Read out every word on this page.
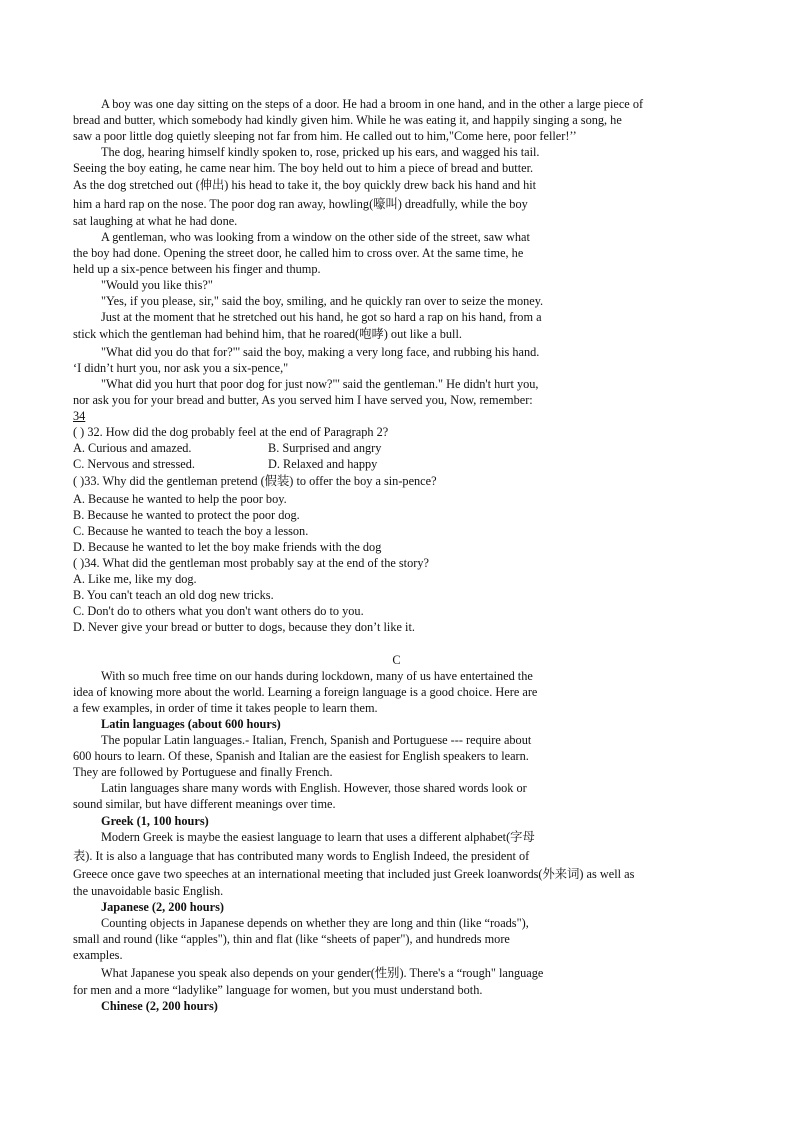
A boy was one day sitting on the steps of a door. He had a broom in one hand, and in the other a large piece of
bread and butter, which somebody had kindly given him. While he was eating it, and happily singing a song, he
saw a poor little dog quietly sleeping not far from him. He called out to him,"Come here, poor feller!’’
The dog, hearing himself kindly spoken to, rose, pricked up his ears, and wagged his tail.
Seeing the boy eating, he came near him. The boy held out to him a piece of bread and butter.
As the dog stretched out (伸出) his head to take it, the boy quickly drew back his hand and hit
him a hard rap on the nose. The poor dog ran away, howling(嚎叫) dreadfully, while the boy
sat laughing at what he had done.
A gentleman, who was looking from a window on the other side of the street, saw what
the boy had done. Opening the street door, he called him to cross over. At the same time, he
held up a six-pence between his finger and thump.
"Would you like this?"
"Yes, if you please, sir," said the boy, smiling, and he quickly ran over to seize the money.
Just at the moment that he stretched out his hand, he got so hard a rap on his hand, from a
stick which the gentleman had behind him, that he roared(咆哮) out like a bull.
"What did you do that for?"' said the boy, making a very long face, and rubbing his hand.
‘I didn’t hurt you, nor ask you a six-pence,"
"What did you hurt that poor dog for just now?"' said the gentleman." He didn't hurt you,
nor ask you for your bread and butter, As you served him I have served you, Now, remember:
34
( ) 32. How did the dog probably feel at the end of Paragraph 2?
A. Curious and amazed.	B. Surprised and angry
C. Nervous and stressed.	D. Relaxed and happy
( )33. Why did the gentleman pretend (假装) to offer the boy a sin-pence?
A. Because he wanted to help the poor boy.
B. Because he wanted to protect the poor dog.
C. Because he wanted to teach the boy a lesson.
D. Because he wanted to let the boy make friends with the dog
( )34. What did the gentleman most probably say at the end of the story?
A. Like me, like my dog.
B. You can't teach an old dog new tricks.
C. Don't do to others what you don't want others do to you.
D. Never give your bread or butter to dogs, because they don’t like it.
C
With so much free time on our hands during lockdown, many of us have entertained the
idea of knowing more about the world. Learning a foreign language is a good choice. Here are
a few examples, in order of time it takes people to learn them.
Latin languages (about 600 hours)
The popular Latin languages.- Italian, French, Spanish and Portuguese --- require about
600 hours to learn. Of these, Spanish and Italian are the easiest for English speakers to learn.
They are followed by Portuguese and finally French.
Latin languages share many words with English. However, those shared words look or
sound similar, but have different meanings over time.
Greek (1, 100 hours)
Modern Greek is maybe the easiest language to learn that uses a different alphabet(字母
表). It is also a language that has contributed many words to English Indeed, the president of
Greece once gave two speeches at an international meeting that included just Greek loanwords(外来词) as well as
the unavoidable basic English.
Japanese (2, 200 hours)
Counting objects in Japanese depends on whether they are long and thin (like “roads"),
small and round (like “apples"), thin and flat (like “sheets of paper"), and hundreds more
examples.
What Japanese you speak also depends on your gender(性别). There's a “rough" language
for men and a more “ladylike” language for women, but you must understand both.
Chinese (2, 200 hours)
